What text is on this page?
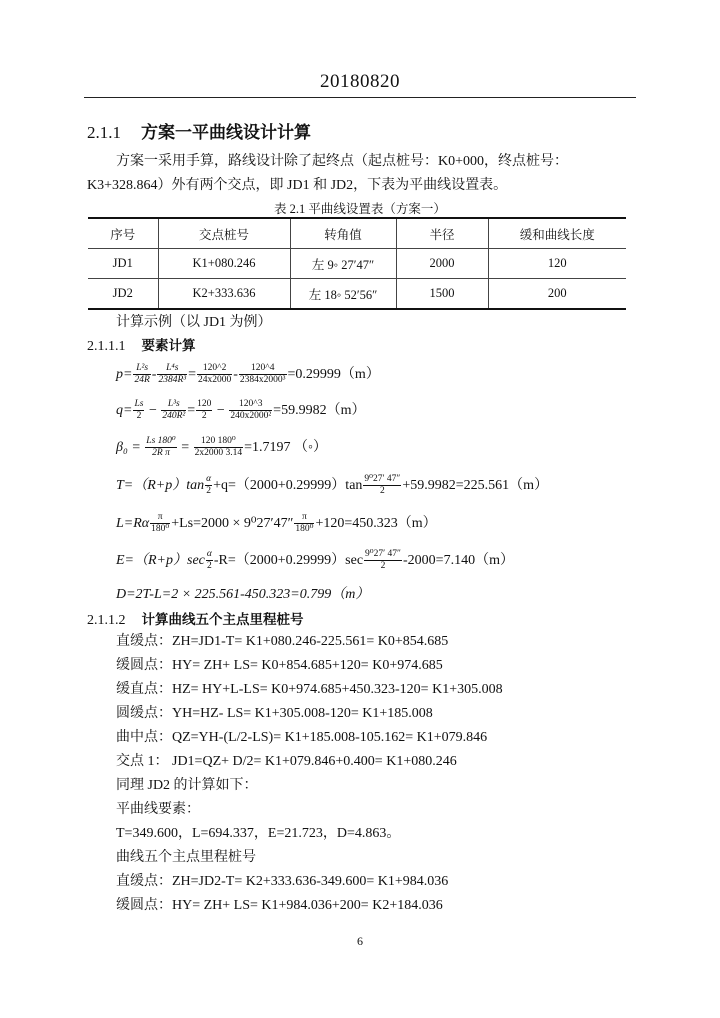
20180820
2.1.1 方案一平曲线设计计算
方案一采用手算，路线设计除了起终点（起点桩号：K0+000，终点桩号：
K3+328.864）外有两个交点，即 JD1 和 JD2，下表为平曲线设置表。
表 2.1 平曲线设置表（方案一）
序号	交点桩号	转角值	半径	缓和曲线长度
JD1	K1+080.246	左 9◦ 27′47″	2000	120
JD2	K2+333.636	左 18◦ 52′56″	1500	200
计算示例（以 JD1 为例）
2.1.1.1 要素计算
$p= \frac{\text{L²s}}{24R} - \frac{\text{L⁴s}}{\text{2384R³}} = \frac{120\^{}2}{24x2000} - \frac{120\^{}4}{\text{2384x2000³}} =0.29999(m)$
$q= \frac{Ls}{2} - \frac{\text{L³s}}{\text{240R²}} = \frac{120}{2} - \frac{120\^{}3}{\text{240x2000²}} =59.9982(m)$
$\beta_0 = \frac{\text{Ls 180⁰}}{\text{2R π}} = \frac{\text{120 180⁰}}{2x2000 3.14} =1.7197$ （◦）
$T=(R+p)\tan \frac{\alpha}{2} +q=(2000+0.29999)\tan \frac{\text{9⁰27′ 47″}}{2} +59.9982=225.561(m)$
$L=R\alpha \frac{\pi}{\text{180⁰}} +Ls=2000 \times 9^027'47'' \frac{\pi}{\text{180⁰}} +120=450.323(m)$
$E=(R+p)\sec \frac{\alpha}{2} -R=(2000+0.29999)\sec \frac{\text{9⁰27′ 47″}}{2} -2000=7.140(m)$
D=2T-L=2 × 225.561-450.323=0.799（m）
2.1.1.2 计算曲线五个主点里程桩号
直缓点：ZH=JD1-T= K1+080.246-225.561= K0+854.685
缓圆点：HY= ZH+ LS= K0+854.685+120= K0+974.685
缓直点：HZ= HY+L-LS= K0+974.685+450.323-120= K1+305.008
圆缓点：YH=HZ- LS= K1+305.008-120= K1+185.008
曲中点：QZ=YH-(L/2-LS)= K1+185.008-105.162= K1+079.846
交点 1： JD1=QZ+ D/2= K1+079.846+0.400= K1+080.246
同理 JD2 的计算如下：
平曲线要素：
T=349.600，L=694.337，E=21.723，D=4.863。
曲线五个主点里程桩号
直缓点：ZH=JD2-T= K2+333.636-349.600= K1+984.036
缓圆点：HY= ZH+ LS= K1+984.036+200= K2+184.036
6
